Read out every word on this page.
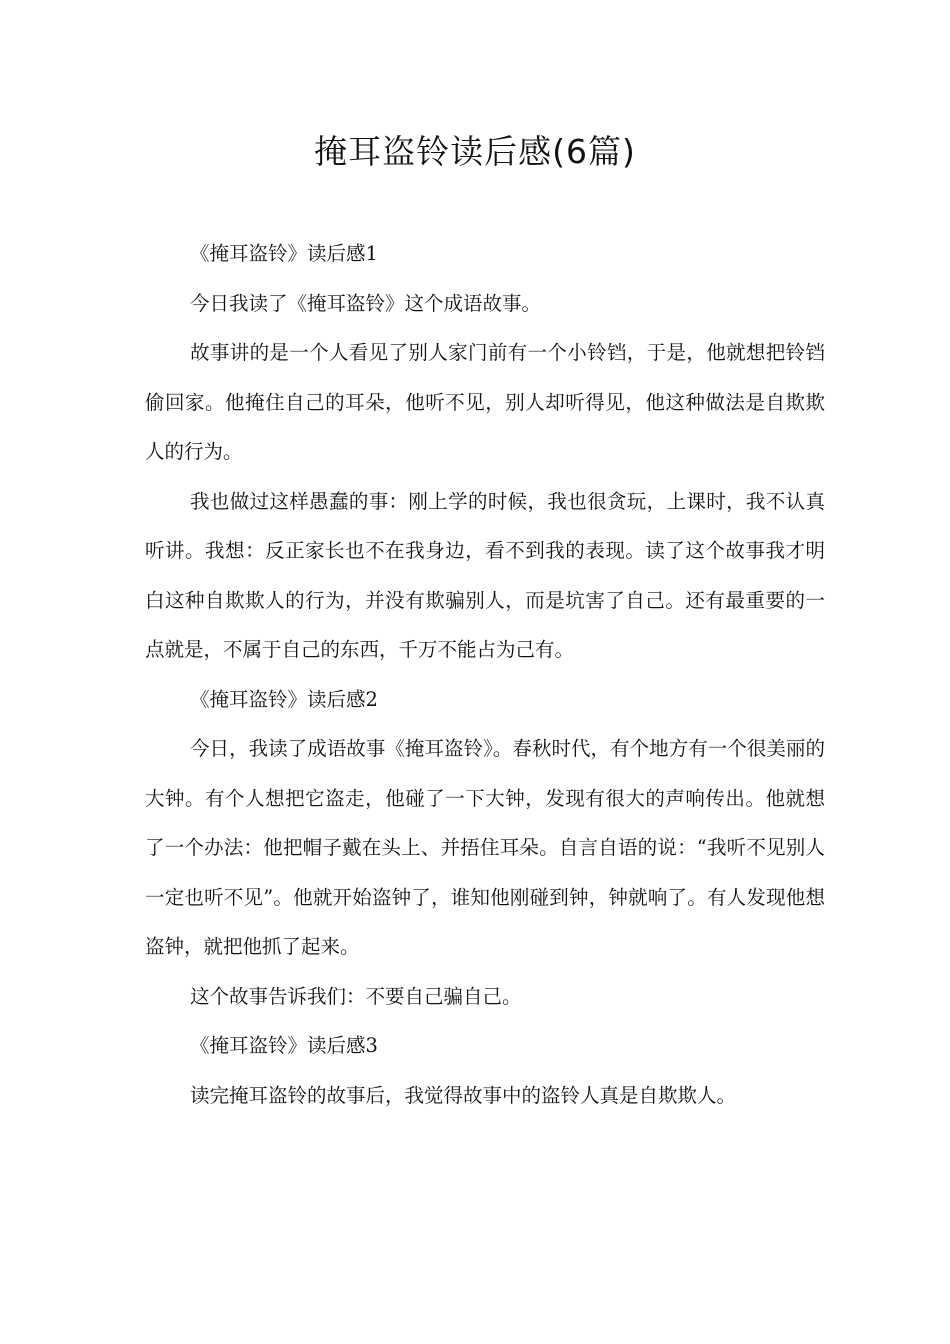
掩耳盗铃读后感(6篇)

《掩耳盗铃》读后感1

今日我读了《掩耳盗铃》这个成语故事。

故事讲的是一个人看见了别人家门前有一个小铃铛，于是，他就想把铃铛偷回家。他掩住自己的耳朵，他听不见，别人却听得见，他这种做法是自欺欺人的行为。

我也做过这样愚蠢的事：刚上学的时候，我也很贪玩，上课时，我不认真听讲。我想：反正家长也不在我身边，看不到我的表现。读了这个故事我才明白这种自欺欺人的行为，并没有欺骗别人，而是坑害了自己。还有最重要的一点就是，不属于自己的东西，千万不能占为己有。

《掩耳盗铃》读后感2

今日，我读了成语故事《掩耳盗铃》。春秋时代，有个地方有一个很美丽的大钟。有个人想把它盗走，他碰了一下大钟，发现有很大的声响传出。他就想了一个办法：他把帽子戴在头上、并捂住耳朵。自言自语的说：“我听不见别人一定也听不见”。他就开始盗钟了，谁知他刚碰到钟，钟就响了。有人发现他想盗钟，就把他抓了起来。

这个故事告诉我们：不要自己骗自己。

《掩耳盗铃》读后感3

读完掩耳盗铃的故事后，我觉得故事中的盗铃人真是自欺欺人。
